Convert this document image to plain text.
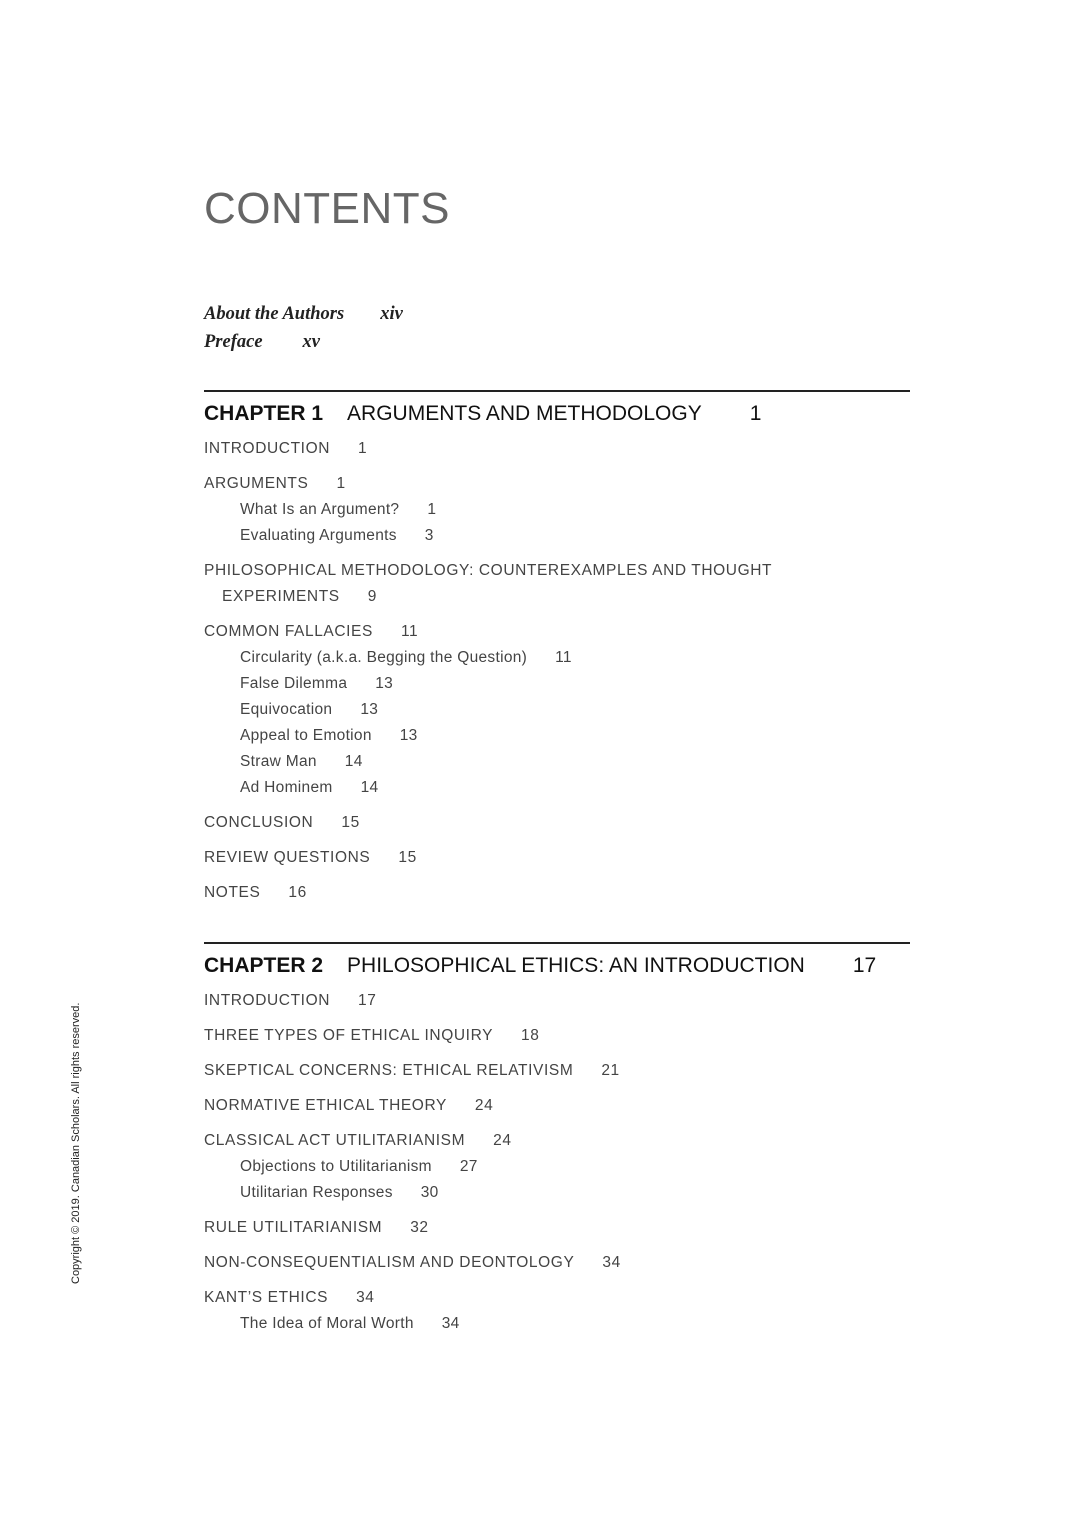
CONTENTS
About the Authors xiv
Preface xv
CHAPTER 1 ARGUMENTS AND METHODOLOGY 1
INTRODUCTION 1
ARGUMENTS 1
What Is an Argument? 1
Evaluating Arguments 3
PHILOSOPHICAL METHODOLOGY: COUNTEREXAMPLES AND THOUGHT
EXPERIMENTS 9
COMMON FALLACIES 11
Circularity (a.k.a. Begging the Question) 11
False Dilemma 13
Equivocation 13
Appeal to Emotion 13
Straw Man 14
Ad Hominem 14
CONCLUSION 15
REVIEW QUESTIONS 15
NOTES 16
CHAPTER 2 PHILOSOPHICAL ETHICS: AN INTRODUCTION 17
INTRODUCTION 17
THREE TYPES OF ETHICAL INQUIRY 18
SKEPTICAL CONCERNS: ETHICAL RELATIVISM 21
NORMATIVE ETHICAL THEORY 24
CLASSICAL ACT UTILITARIANISM 24
Objections to Utilitarianism 27
Utilitarian Responses 30
RULE UTILITARIANISM 32
NON-CONSEQUENTIALISM AND DEONTOLOGY 34
KANT’S ETHICS 34
The Idea of Moral Worth 34
Copyright © 2019. Canadian Scholars. All rights reserved.
